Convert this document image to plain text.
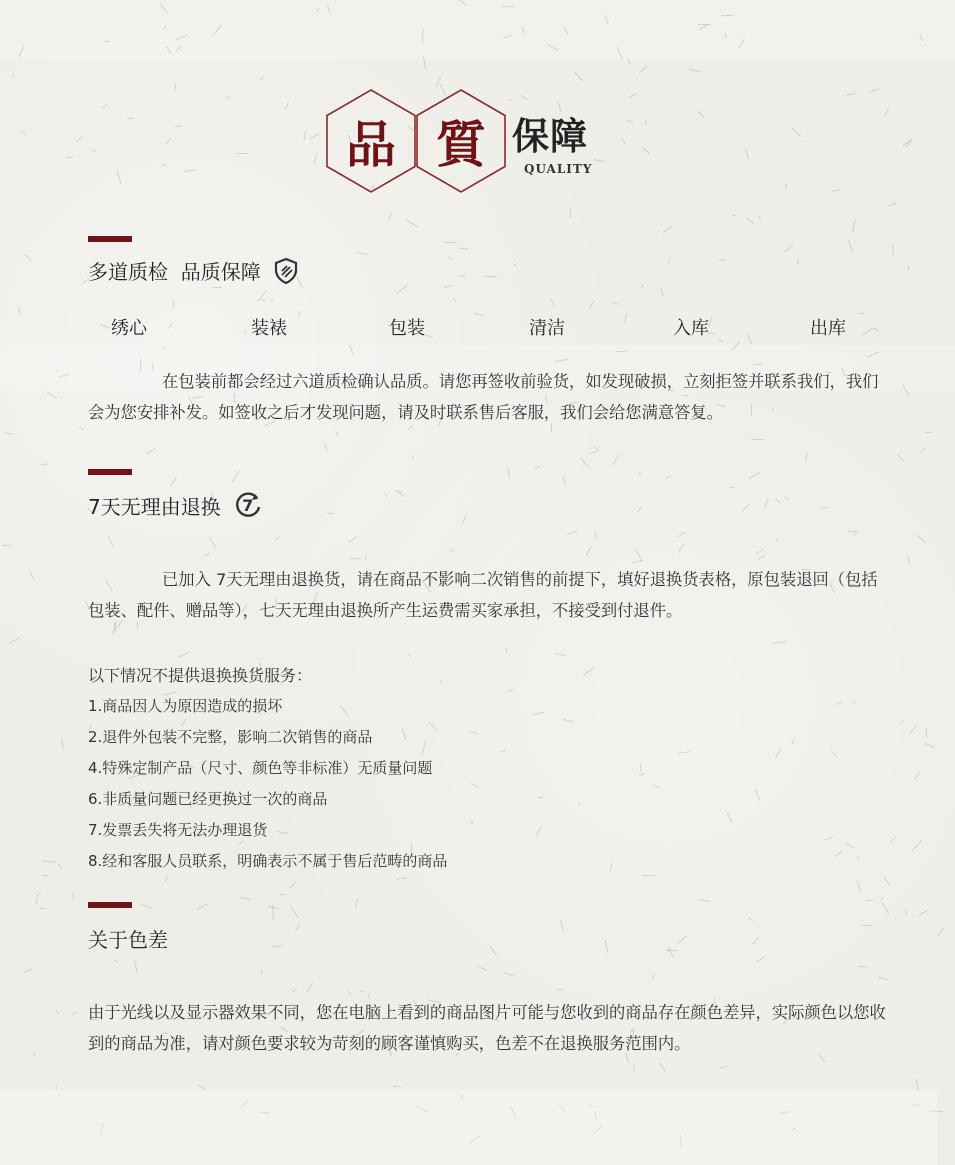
品 質 保障
QUALITY
多道质检  品质保障
绣心	装裱	包装	清洁	入库	出库
在包装前都会经过六道质检确认品质。请您再签收前验货，如发现破损，立刻拒签并联系我们，我们会为您安排补发。如签收之后才发现问题，请及时联系售后客服，我们会给您满意答复。
7天无理由退换	7
已加入 7天无理由退换货，请在商品不影响二次销售的前提下，填好退换货表格，原包装退回（包括包装、配件、赠品等），七天无理由退换所产生运费需买家承担，不接受到付退件。
以下情况不提供退换换货服务：
1.商品因人为原因造成的损坏
2.退件外包装不完整，影响二次销售的商品
4.特殊定制产品（尺寸、颜色等非标准）无质量问题
6.非质量问题已经更换过一次的商品
7.发票丢失将无法办理退货
8.经和客服人员联系，明确表示不属于售后范畴的商品
关于色差
由于光线以及显示器效果不同，您在电脑上看到的商品图片可能与您收到的商品存在颜色差异，实际颜色以您收到的商品为准，请对颜色要求较为苛刻的顾客谨慎购买，色差不在退换服务范围内。
